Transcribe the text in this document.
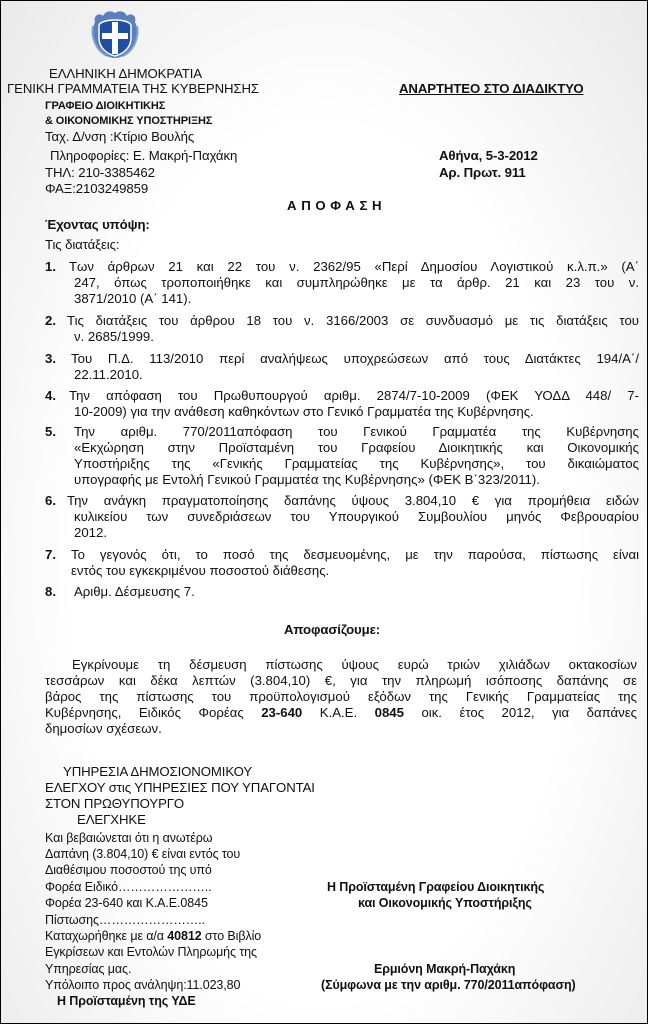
ΕΛΛΗΝΙΚΗ ΔΗΜΟΚΡΑΤΙΑ
ΓΕΝΙΚΗ ΓΡΑΜΜΑΤΕΙΑ ΤΗΣ ΚΥΒΕΡΝΗΣΗΣ
ΓΡΑΦΕΙΟ ΔΙΟΙΚΗΤΙΚΗΣ
& ΟΙΚΟΝΟΜΙΚΗΣ ΥΠΟΣΤΗΡΙΞΗΣ
Ταχ. Δ/νση :Κτίριο Βουλής
Πληροφορίες: Ε. Μακρή-Παχάκη
ΤΗΛ: 210-3385462
ΦΑΞ:2103249859
ΑΝΑΡΤΗΤΕΟ ΣΤΟ ΔΙΑΔΙΚΤΥΟ
Αθήνα, 5-3-2012
Αρ. Πρωτ. 911
Α Π Ο Φ Α Σ Η
Έχοντας υπόψη:
Τις διατάξεις:
1. Των άρθρων 21 και 22 του ν. 2362/95 «Περί Δημοσίου Λογιστικού κ.λ.π.» (Α΄
247, όπως τροποποιήθηκε και συμπληρώθηκε με τα άρθρ. 21 και 23 του ν.
3871/2010 (Α΄ 141).
2. Τις διατάξεις του άρθρου 18 του ν. 3166/2003 σε συνδυασμό με τις διατάξεις του
ν. 2685/1999.
3. Του Π.Δ. 113/2010 περί αναλήψεως υποχρεώσεων από τους Διατάκτες 194/Α΄/
22.11.2010.
4. Την απόφαση του Πρωθυπουργού αριθμ. 2874/7-10-2009 (ΦΕΚ ΥΟΔΔ 448/ 7-
10-2009) για την ανάθεση καθηκόντων στο Γενικό Γραμματέα της Κυβέρνησης.
5. Την αριθμ. 770/2011απόφαση του Γενικού Γραμματέα της Κυβέρνησης
«Εκχώρηση στην Προϊσταμένη του Γραφείου Διοικητικής και Οικονομικής
Υποστήριξης της «Γενικής Γραμματείας της Κυβέρνησης», του δικαιώματος
υπογραφής με Εντολή Γενικού Γραμματέα της Κυβέρνησης» (ΦΕΚ Β΄323/2011).
6. Την ανάγκη πραγματοποίησης δαπάνης ύψους 3.804,10 € για προμήθεια ειδών
κυλικείου των συνεδριάσεων του Υπουργικού Συμβουλίου μηνός Φεβρουαρίου
2012.
7. Το γεγονός ότι, το ποσό της δεσμευομένης, με την παρούσα, πίστωσης είναι
εντός του εγκεκριμένου ποσοστού διάθεσης.
8. Αριθμ. Δέσμευσης 7.
Αποφασίζουμε:
Εγκρίνουμε τη δέσμευση πίστωσης ύψους ευρώ τριών χιλιάδων οκτακοσίων
τεσσάρων και δέκα λεπτών (3.804,10) €, για την πληρωμή ισόποσης δαπάνης σε
βάρος της πίστωσης του προϋπολογισμού εξόδων της Γενικής Γραμματείας της
Κυβέρνησης, Ειδικός Φορέας 23-640 Κ.Α.Ε. 0845 οικ. έτος 2012, για δαπάνες
δημοσίων σχέσεων.
ΥΠΗΡΕΣΙΑ ΔΗΜΟΣΙΟΝΟΜΙΚΟΥ
ΕΛΕΓΧΟΥ στις ΥΠΗΡΕΣΙΕΣ ΠΟΥ ΥΠΑΓΟΝΤΑΙ
ΣΤΟΝ ΠΡΩΘΥΠΟΥΡΓΟ
ΕΛΕΓΧΗΚΕ
Και βεβαιώνεται ότι η ανωτέρω
Δαπάνη (3.804,10) € είναι εντός του
Διαθέσιμου ποσοστού της υπό
Φορέα Ειδικό…………………..
Φορέα 23-640 και Κ.Α.Ε.0845
Πίστωσης……………………..
Καταχωρήθηκε με α/α 40812 στο Βιβλίο
Εγκρίσεων και Εντολών Πληρωμής της
Υπηρεσίας μας.
Υπόλοιπο προς ανάληψη:11.023,80
Η Προϊσταμένη της ΥΔΕ
Η Προϊσταμένη Γραφείου Διοικητικής
και Οικονομικής Υποστήριξης
Ερμιόνη Μακρή-Παχάκη
(Σύμφωνα με την αριθμ. 770/2011απόφαση)
